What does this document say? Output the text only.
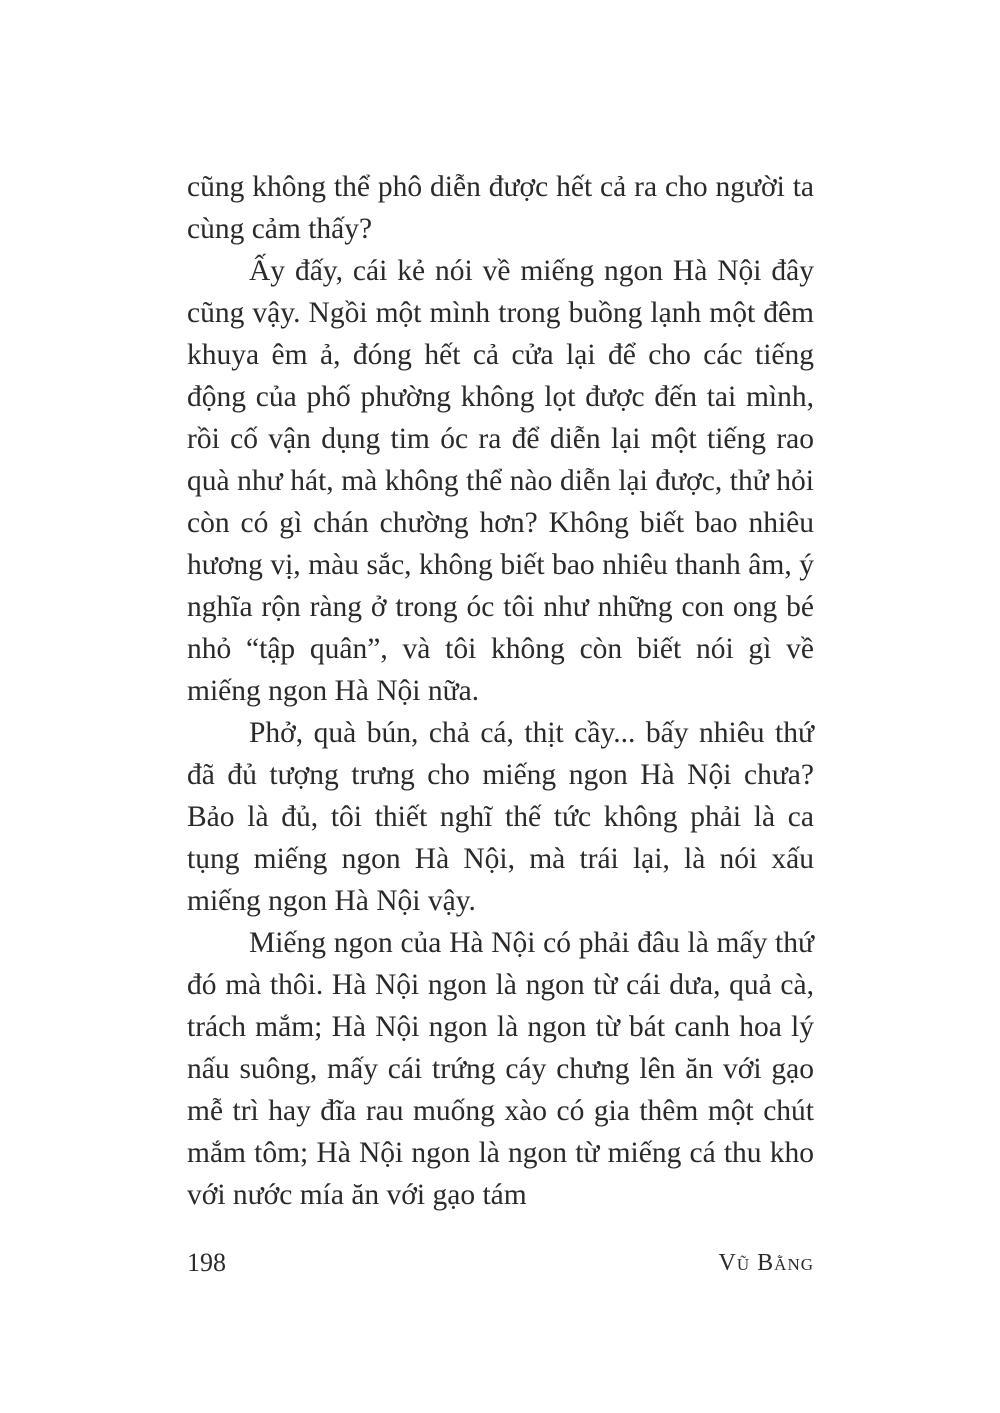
cũng không thể phô diễn được hết cả ra cho người ta cùng cảm thấy?

Ấy đấy, cái kẻ nói về miếng ngon Hà Nội đây cũng vậy. Ngồi một mình trong buồng lạnh một đêm khuya êm ả, đóng hết cả cửa lại để cho các tiếng động của phố phường không lọt được đến tai mình, rồi cố vận dụng tim óc ra để diễn lại một tiếng rao quà như hát, mà không thể nào diễn lại được, thử hỏi còn có gì chán chường hơn? Không biết bao nhiêu hương vị, màu sắc, không biết bao nhiêu thanh âm, ý nghĩa rộn ràng ở trong óc tôi như những con ong bé nhỏ “tập quân”, và tôi không còn biết nói gì về miếng ngon Hà Nội nữa.

Phở, quà bún, chả cá, thịt cầy... bấy nhiêu thứ đã đủ tượng trưng cho miếng ngon Hà Nội chưa? Bảo là đủ, tôi thiết nghĩ thế tức không phải là ca tụng miếng ngon Hà Nội, mà trái lại, là nói xấu miếng ngon Hà Nội vậy.

Miếng ngon của Hà Nội có phải đâu là mấy thứ đó mà thôi. Hà Nội ngon là ngon từ cái dưa, quả cà, trách mắm; Hà Nội ngon là ngon từ bát canh hoa lý nấu suông, mấy cái trứng cáy chưng lên ăn với gạo mễ trì hay đĩa rau muống xào có gia thêm một chút mắm tôm; Hà Nội ngon là ngon từ miếng cá thu kho với nước mía ăn với gạo tám

198	Vũ Bằng
